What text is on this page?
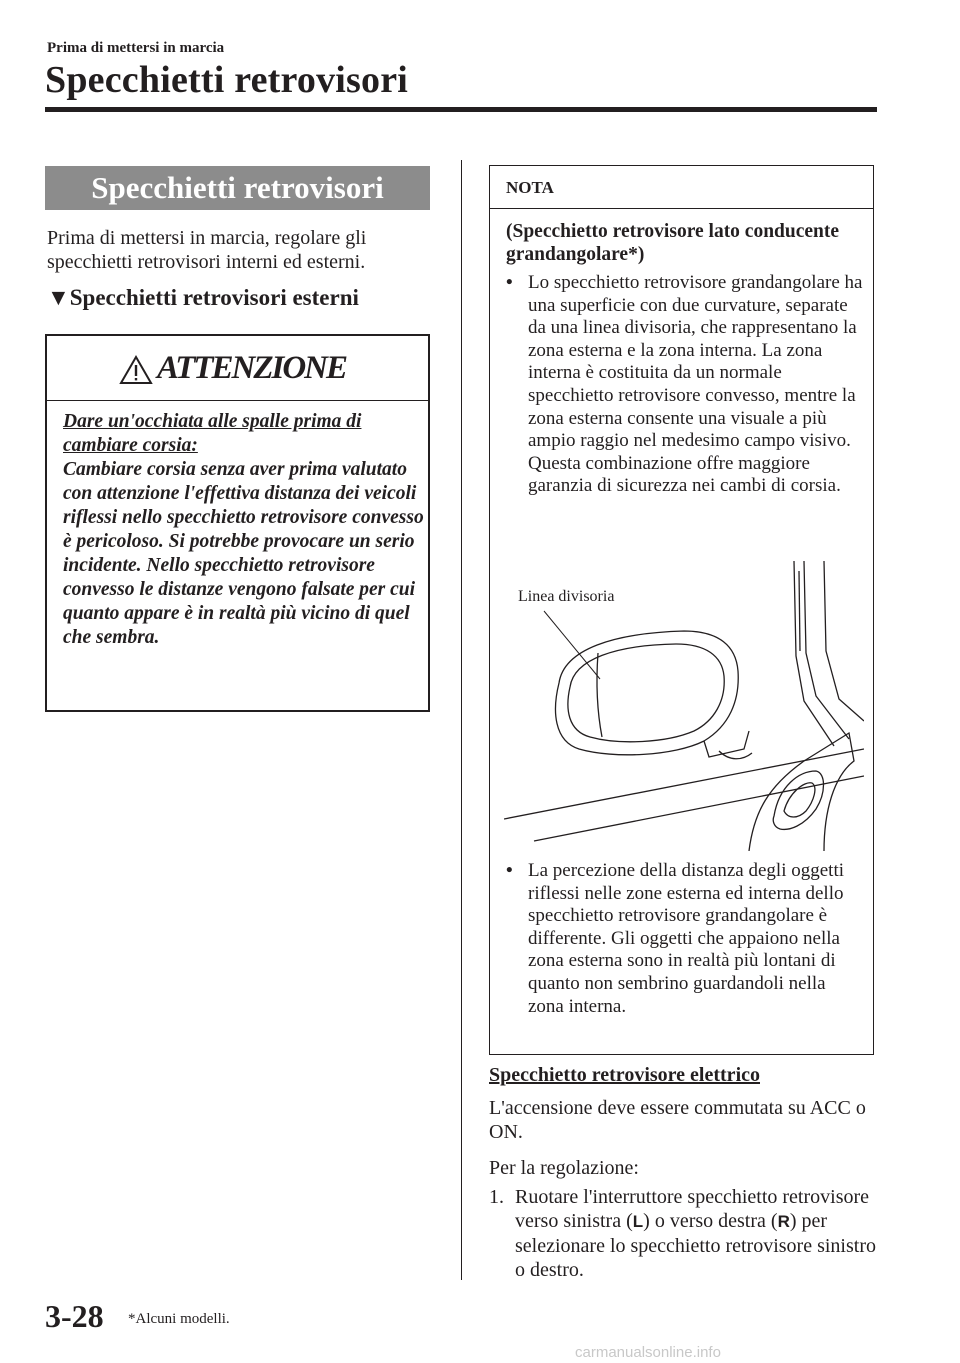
Prima di mettersi in marcia
Specchietti retrovisori
Specchietti retrovisori
Prima di mettersi in marcia, regolare gli specchietti retrovisori interni ed esterni.
▼Specchietti retrovisori esterni
ATTENZIONE
Dare un'occhiata alle spalle prima di cambiare corsia:
Cambiare corsia senza aver prima valutato con attenzione l'effettiva distanza dei veicoli riflessi nello specchietto retrovisore convesso è pericoloso. Si potrebbe provocare un serio incidente. Nello specchietto retrovisore convesso le distanze vengono falsate per cui quanto appare è in realtà più vicino di quel che sembra.
NOTA
(Specchietto retrovisore lato conducente grandangolare*)
• Lo specchietto retrovisore grandangolare ha una superficie con due curvature, separate da una linea divisoria, che rappresentano la zona esterna e la zona interna. La zona interna è costituita da un normale specchietto retrovisore convesso, mentre la zona esterna consente una visuale a più ampio raggio nel medesimo campo visivo. Questa combinazione offre maggiore garanzia di sicurezza nei cambi di corsia.
Linea divisoria
• La percezione della distanza degli oggetti riflessi nelle zone esterna ed interna dello specchietto retrovisore grandangolare è differente. Gli oggetti che appaiono nella zona esterna sono in realtà più lontani di quanto non sembrino guardandoli nella zona interna.
Specchietto retrovisore elettrico
L'accensione deve essere commutata su ACC o ON.
Per la regolazione:
1. Ruotare l'interruttore specchietto retrovisore verso sinistra (L) o verso destra (R) per selezionare lo specchietto retrovisore sinistro o destro.
3-28 *Alcuni modelli.
carmanualsonline.info
